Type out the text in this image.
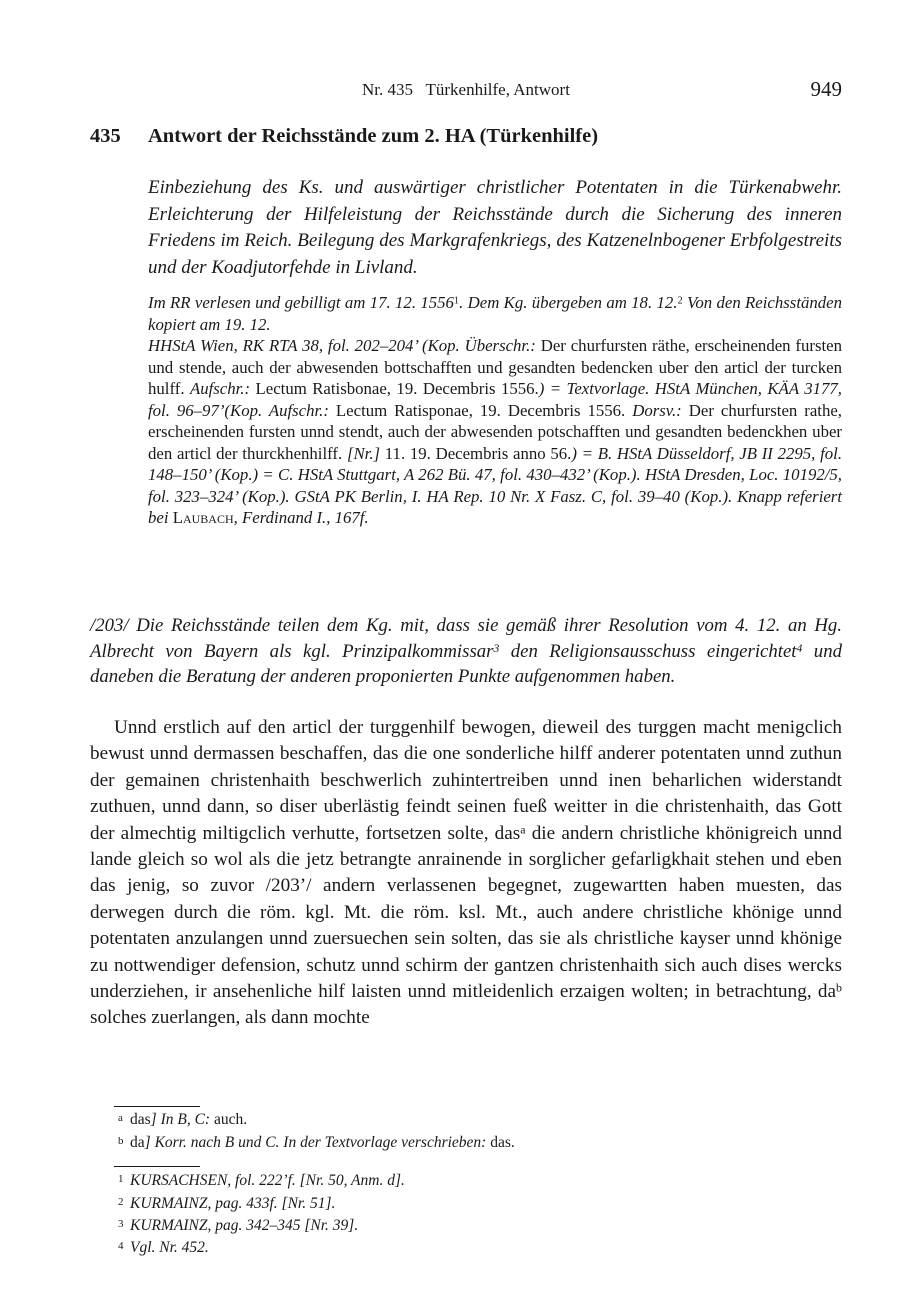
Nr. 435   Türkenhilfe, Antwort	949
435 Antwort der Reichsstände zum 2. HA (Türkenhilfe)
Einbeziehung des Ks. und auswärtiger christlicher Potentaten in die Türkenabwehr. Erleichterung der Hilfeleistung der Reichsstände durch die Sicherung des inneren Friedens im Reich. Beilegung des Markgrafenkriegs, des Katzenelnbogener Erbfolgestreits und der Koadjutorfehde in Livland.
Im RR verlesen und gebilligt am 17. 12. 1556$^1$. Dem Kg. übergeben am 18. 12.$^2$ Von den Reichsständen kopiert am 19. 12.
HHStA Wien, RK RTA 38, fol. 202–204’ (Kop. Überschr.: Der churfursten räthe, erscheinenden fursten und stende, auch der abwesenden bottschafften und gesandten bedencken uber den articl der turcken hulff. Aufschr.: Lectum Ratisbonae, 19. Decembris 1556.) = Textvorlage. HStA München, KÄA 3177, fol. 96–97’(Kop. Aufschr.: Lectum Ratisponae, 19. Decembris 1556. Dorsv.: Der churfursten rathe, erscheinenden fursten unnd stendt, auch der abwesenden potschafften und gesandten bedenckhen uber den articl der thurckhenhilff. [Nr.] 11. 19. Decembris anno 56.) = B. HStA Düsseldorf, JB II 2295, fol. 148–150’ (Kop.) = C. HStA Stuttgart, A 262 Bü. 47, fol. 430–432’ (Kop.). HStA Dresden, Loc. 10192/5, fol. 323–324’ (Kop.). GStA PK Berlin, I. HA Rep. 10 Nr. X Fasz. C, fol. 39–40 (Kop.). Knapp referiert bei Laubach, Ferdinand I., 167f.
/203/ Die Reichsstände teilen dem Kg. mit, dass sie gemäß ihrer Resolution vom 4. 12. an Hg. Albrecht von Bayern als kgl. Prinzipalkommissar$^3$ den Religionsausschuss eingerichtet$^4$ und daneben die Beratung der anderen proponierten Punkte aufgenommen haben.
Unnd erstlich auf den articl der turggenhilf bewogen, dieweil des turggen macht menigclich bewust unnd dermassen beschaffen, das die one sonderliche hilff anderer potentaten unnd zuthun der gemainen christenhaith beschwerlich zuhintertreiben unnd inen beharlichen widerstandt zuthuen, unnd dann, so diser uberlästig feindt seinen fueß weitter in die christenhaith, das Gott der almechtig miltigclich verhutte, fortsetzen solte, das$^a$ die andern christliche khönigreich unnd lande gleich so wol als die jetz betrangte anrainende in sorglicher gefarligkhait stehen und eben das jenig, so zuvor /203’/ andern verlassenen begegnet, zugewartten haben muesten, das derwegen durch die röm. kgl. Mt. die röm. ksl. Mt., auch andere christliche khönige unnd potentaten anzulangen unnd zuersuechen sein solten, das sie als christliche kayser unnd khönige zu nottwendiger defension, schutz unnd schirm der gantzen christenhaith sich auch dises wercks underziehen, ir ansehenliche hilf laisten unnd mitleidenlich erzaigen wolten; in betrachtung, $da^b$ solches zuerlangen, als dann mochte
a das] In B, C: auch.
b da] Korr. nach B und C. In der Textvorlage verschrieben: das.
1 KURSACHSEN, fol. 222’f. [Nr. 50, Anm. d].
2 KURMAINZ, pag. 433f. [Nr. 51].
3 KURMAINZ, pag. 342–345 [Nr. 39].
4 Vgl. Nr. 452.
